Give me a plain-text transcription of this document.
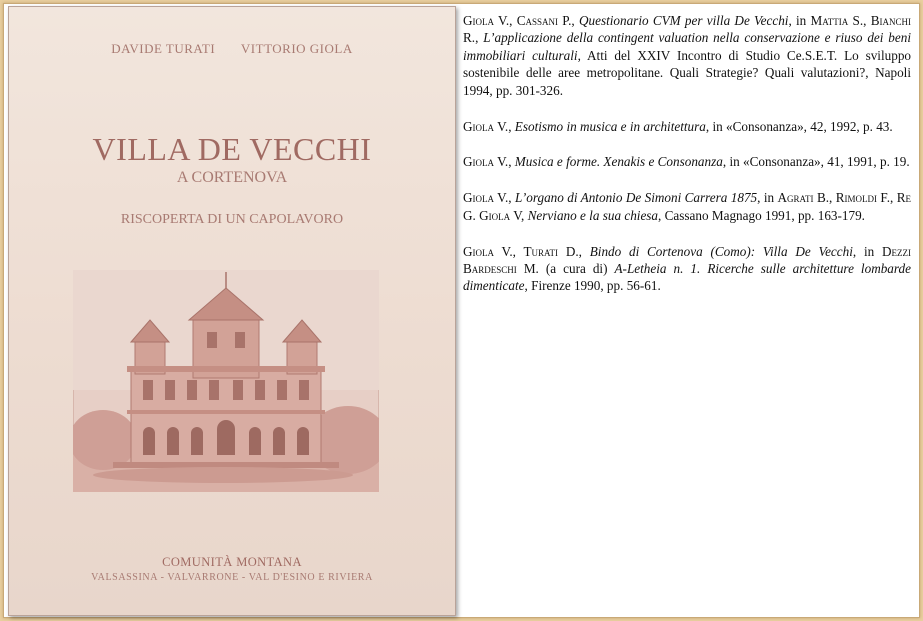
DAVIDE TURATI VITTORIO GIOLA
VILLA DE VECCHI
A CORTENOVA
RISCOPERTA DI UN CAPOLAVORO
COMUNITÀ MONTANA
VALSASSINA - VALVARRONE - VAL D'ESINO E RIVIERA
Giola V., Cassani P., Questionario CVM per villa De Vecchi, in Mattia S., Bianchi R., L’applicazione della contingent valuation nella conservazione e riuso dei beni immobiliari culturali, Atti del XXIV Incontro di Studio Ce.S.E.T. Lo sviluppo sostenibile delle aree metropolitane. Quali Strategie? Quali valutazioni?, Napoli 1994, pp. 301-326.
Giola V., Esotismo in musica e in architettura, in «Consonanza», 42, 1992, p. 43.
Giola V., Musica e forme. Xenakis e Consonanza, in «Consonanza», 41, 1991, p. 19.
Giola V., L’organo di Antonio De Simoni Carrera 1875, in Agrati B., Rimoldi F., Re G. Giola V, Nerviano e la sua chiesa, Cassano Magnago 1991, pp. 163-179.
Giola V., Turati D., Bindo di Cortenova (Como): Villa De Vecchi, in Dezzi Bardeschi M. (a cura di) A-Letheia n. 1. Ricerche sulle architetture lombarde dimenticate, Firenze 1990, pp. 56-61.
